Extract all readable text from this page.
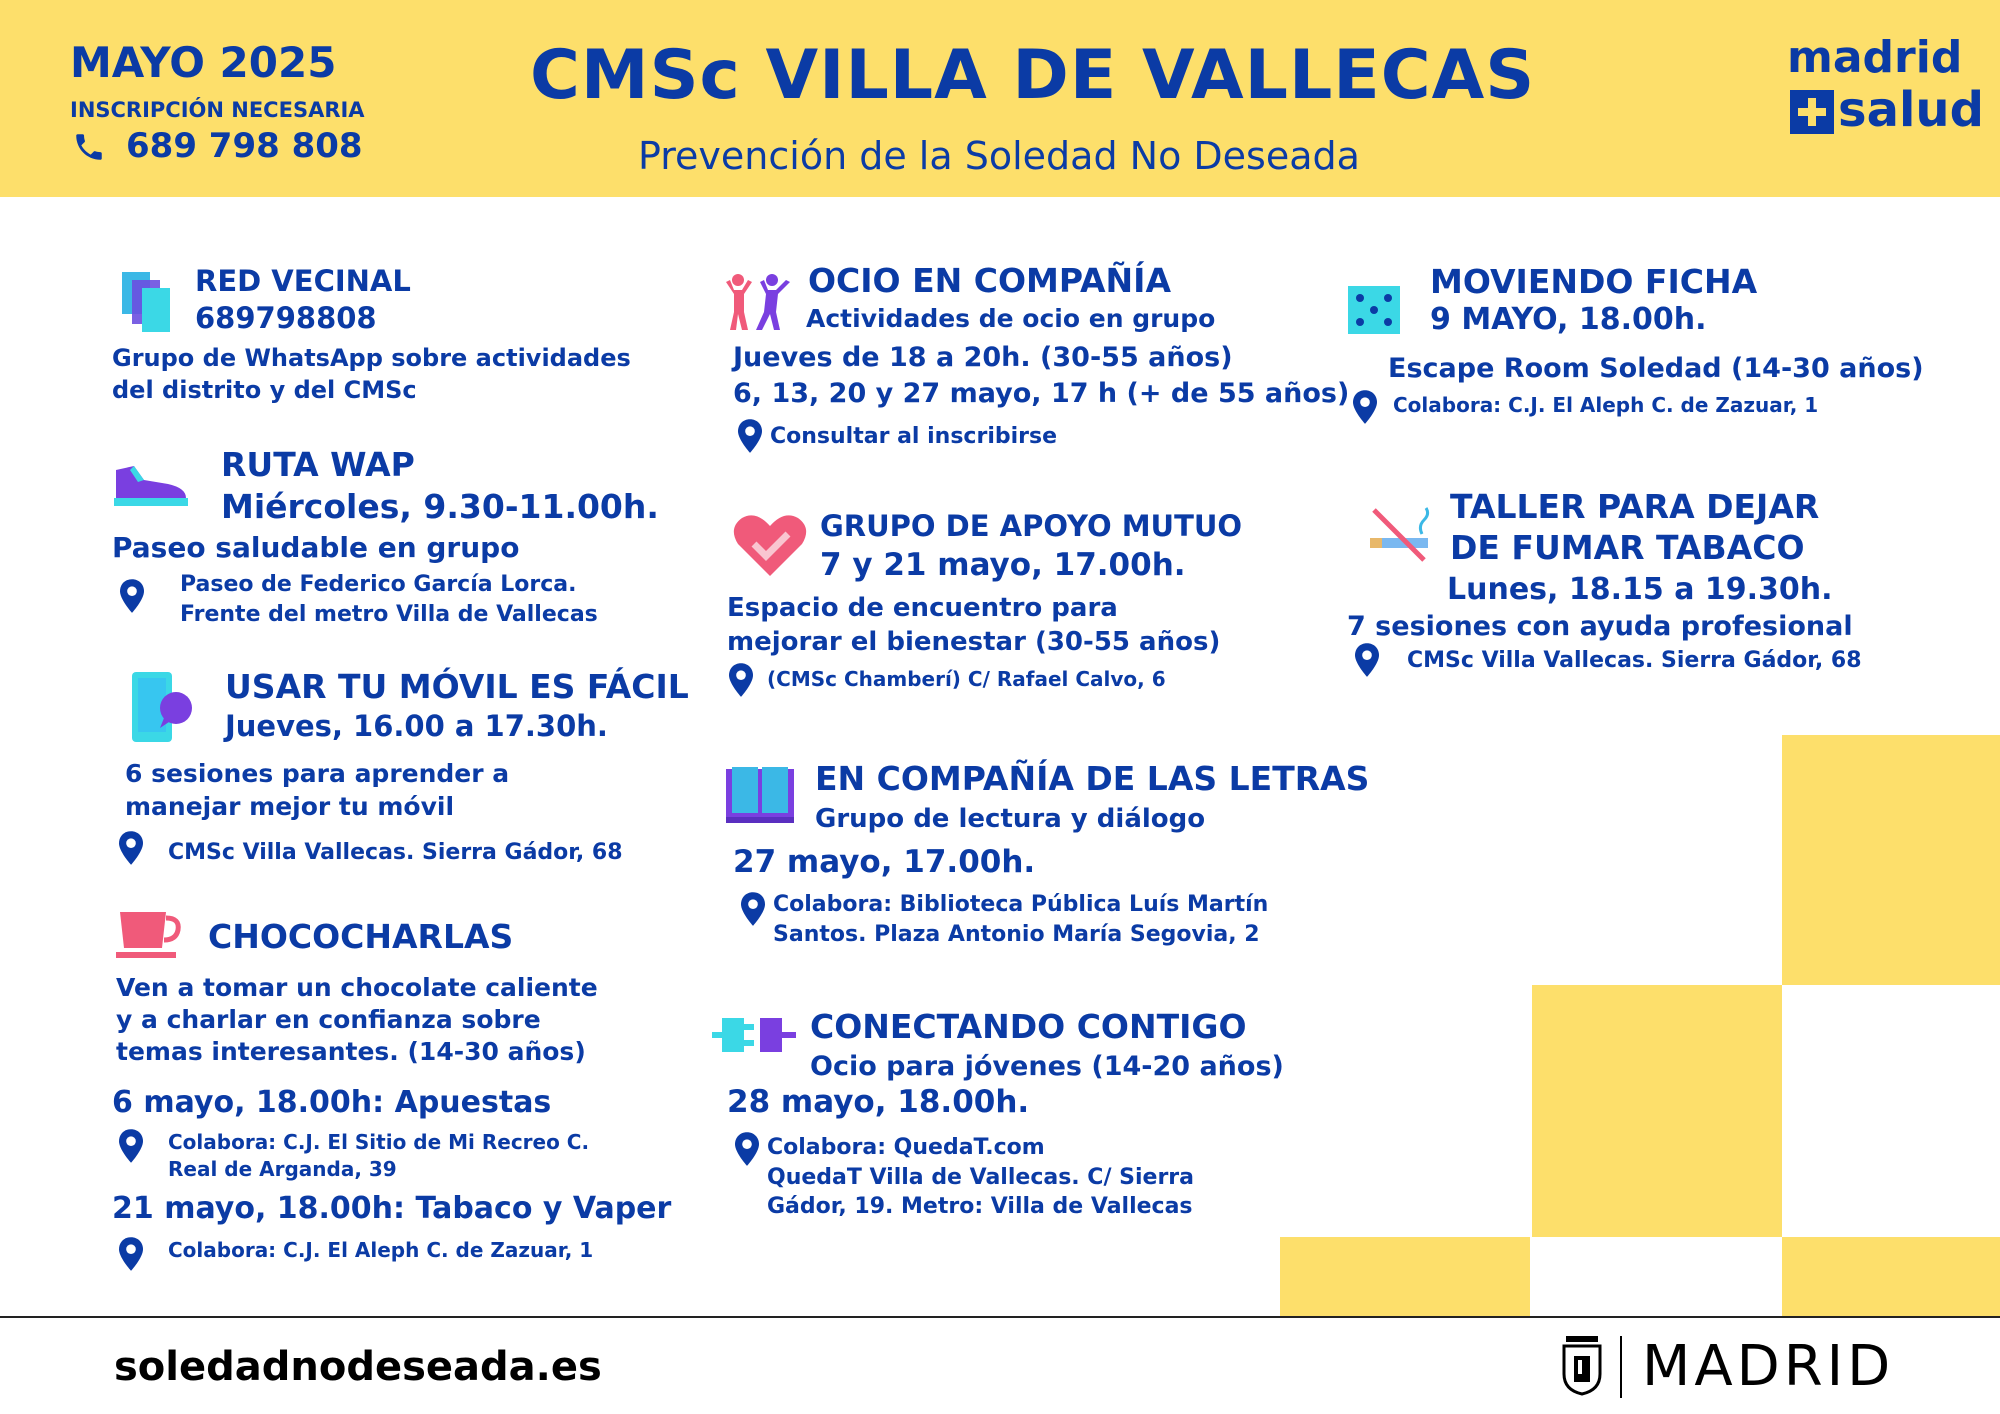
MAYO 2025
INSCRIPCIÓN NECESARIA
689 798 808
CMSc VILLA DE VALLECAS
Prevención de la Soledad No Deseada
madrid
salud
RED VECINAL
689798808
Grupo de WhatsApp sobre actividades
del distrito y del CMSc
RUTA WAP
Miércoles, 9.30-11.00h.
Paseo saludable en grupo
Paseo de Federico García Lorca.
Frente del metro Villa de Vallecas
USAR TU MÓVIL ES FÁCIL
Jueves, 16.00 a 17.30h.
6 sesiones para aprender a
manejar mejor tu móvil
CMSc Villa Vallecas. Sierra Gádor, 68
CHOCOCHARLAS
Ven a tomar un chocolate caliente
y a charlar en confianza sobre
temas interesantes. (14-30 años)
6 mayo, 18.00h: Apuestas
Colabora: C.J. El Sitio de Mi Recreo C.
Real de Arganda, 39
21 mayo, 18.00h: Tabaco y Vaper
Colabora: C.J. El Aleph C. de Zazuar, 1
OCIO EN COMPAÑÍA
Actividades de ocio en grupo
Jueves de 18 a 20h. (30-55 años)
6, 13, 20 y 27 mayo, 17 h (+ de 55 años)
Consultar al inscribirse
GRUPO DE APOYO MUTUO
7 y 21 mayo, 17.00h.
Espacio de encuentro para
mejorar el bienestar (30-55 años)
(CMSc Chamberí) C/ Rafael Calvo, 6
EN COMPAÑÍA DE LAS LETRAS
Grupo de lectura y diálogo
27 mayo, 17.00h.
Colabora: Biblioteca Pública Luís Martín
Santos. Plaza Antonio María Segovia, 2
CONECTANDO CONTIGO
Ocio para jóvenes (14-20 años)
28 mayo, 18.00h.
Colabora: QuedaT.com
QuedaT Villa de Vallecas. C/ Sierra
Gádor, 19. Metro: Villa de Vallecas
MOVIENDO FICHA
9 MAYO, 18.00h.
Escape Room Soledad (14-30 años)
Colabora: C.J. El Aleph C. de Zazuar, 1
TALLER PARA DEJAR
DE FUMAR TABACO
Lunes, 18.15 a 19.30h.
7 sesiones con ayuda profesional
CMSc Villa Vallecas. Sierra Gádor, 68
soledadnodeseada.es	MADRID
